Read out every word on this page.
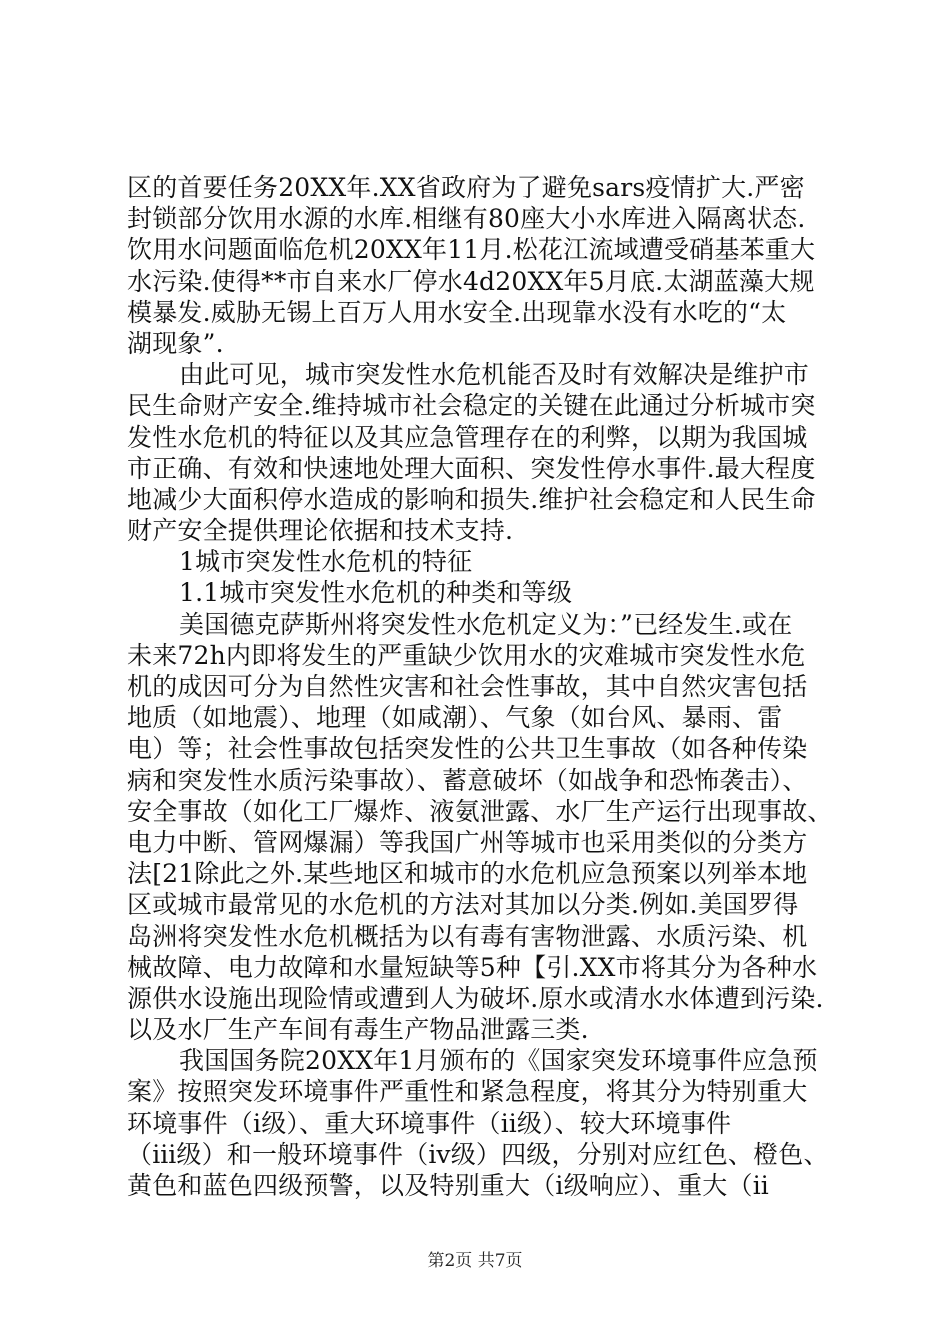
区的首要任务20XX年.XX省政府为了避免sars疫情扩大.严密
封锁部分饮用水源的水库.相继有80座大小水库进入隔离状态.
饮用水问题面临危机20XX年11月.松花江流域遭受硝基苯重大
水污染.使得**市自来水厂停水4d20XX年5月底.太湖蓝藻大规
模暴发.威胁无锡上百万人用水安全.出现靠水没有水吃的“太
湖现象”.
由此可见，城市突发性水危机能否及时有效解决是维护市
民生命财产安全.维持城市社会稳定的关键在此通过分析城市突
发性水危机的特征以及其应急管理存在的利弊，以期为我国城
市正确、有效和快速地处理大面积、突发性停水事件.最大程度
地减少大面积停水造成的影响和损失.维护社会稳定和人民生命
财产安全提供理论依据和技术支持.
1城市突发性水危机的特征
1.1城市突发性水危机的种类和等级
美国德克萨斯州将突发性水危机定义为：”已经发生.或在
未来72h内即将发生的严重缺少饮用水的灾难城市突发性水危
机的成因可分为自然性灾害和社会性事故，其中自然灾害包括
地质（如地震）、地理（如咸潮）、气象（如台风、暴雨、雷
电）等；社会性事故包括突发性的公共卫生事故（如各种传染
病和突发性水质污染事故）、蓄意破坏（如战争和恐怖袭击）、
安全事故（如化工厂爆炸、液氨泄露、水厂生产运行出现事故、
电力中断、管网爆漏）等我国广州等城市也采用类似的分类方
法[21除此之外.某些地区和城市的水危机应急预案以列举本地
区或城市最常见的水危机的方法对其加以分类.例如.美国罗得
岛洲将突发性水危机概括为以有毒有害物泄露、水质污染、机
械故障、电力故障和水量短缺等5种【引.XX市将其分为各种水
源供水设施出现险情或遭到人为破坏.原水或清水水体遭到污染.
以及水厂生产车间有毒生产物品泄露三类.
我国国务院20XX年1月颁布的《国家突发环境事件应急预
案》按照突发环境事件严重性和紧急程度，将其分为特别重大
环境事件（ⅰ级）、重大环境事件（ⅱ级）、较大环境事件
（ⅲ级）和一般环境事件（ⅳ级）四级，分别对应红色、橙色、
黄色和蓝色四级预警，以及特别重大（ⅰ级响应）、重大（ⅱ
第2页 共7页
